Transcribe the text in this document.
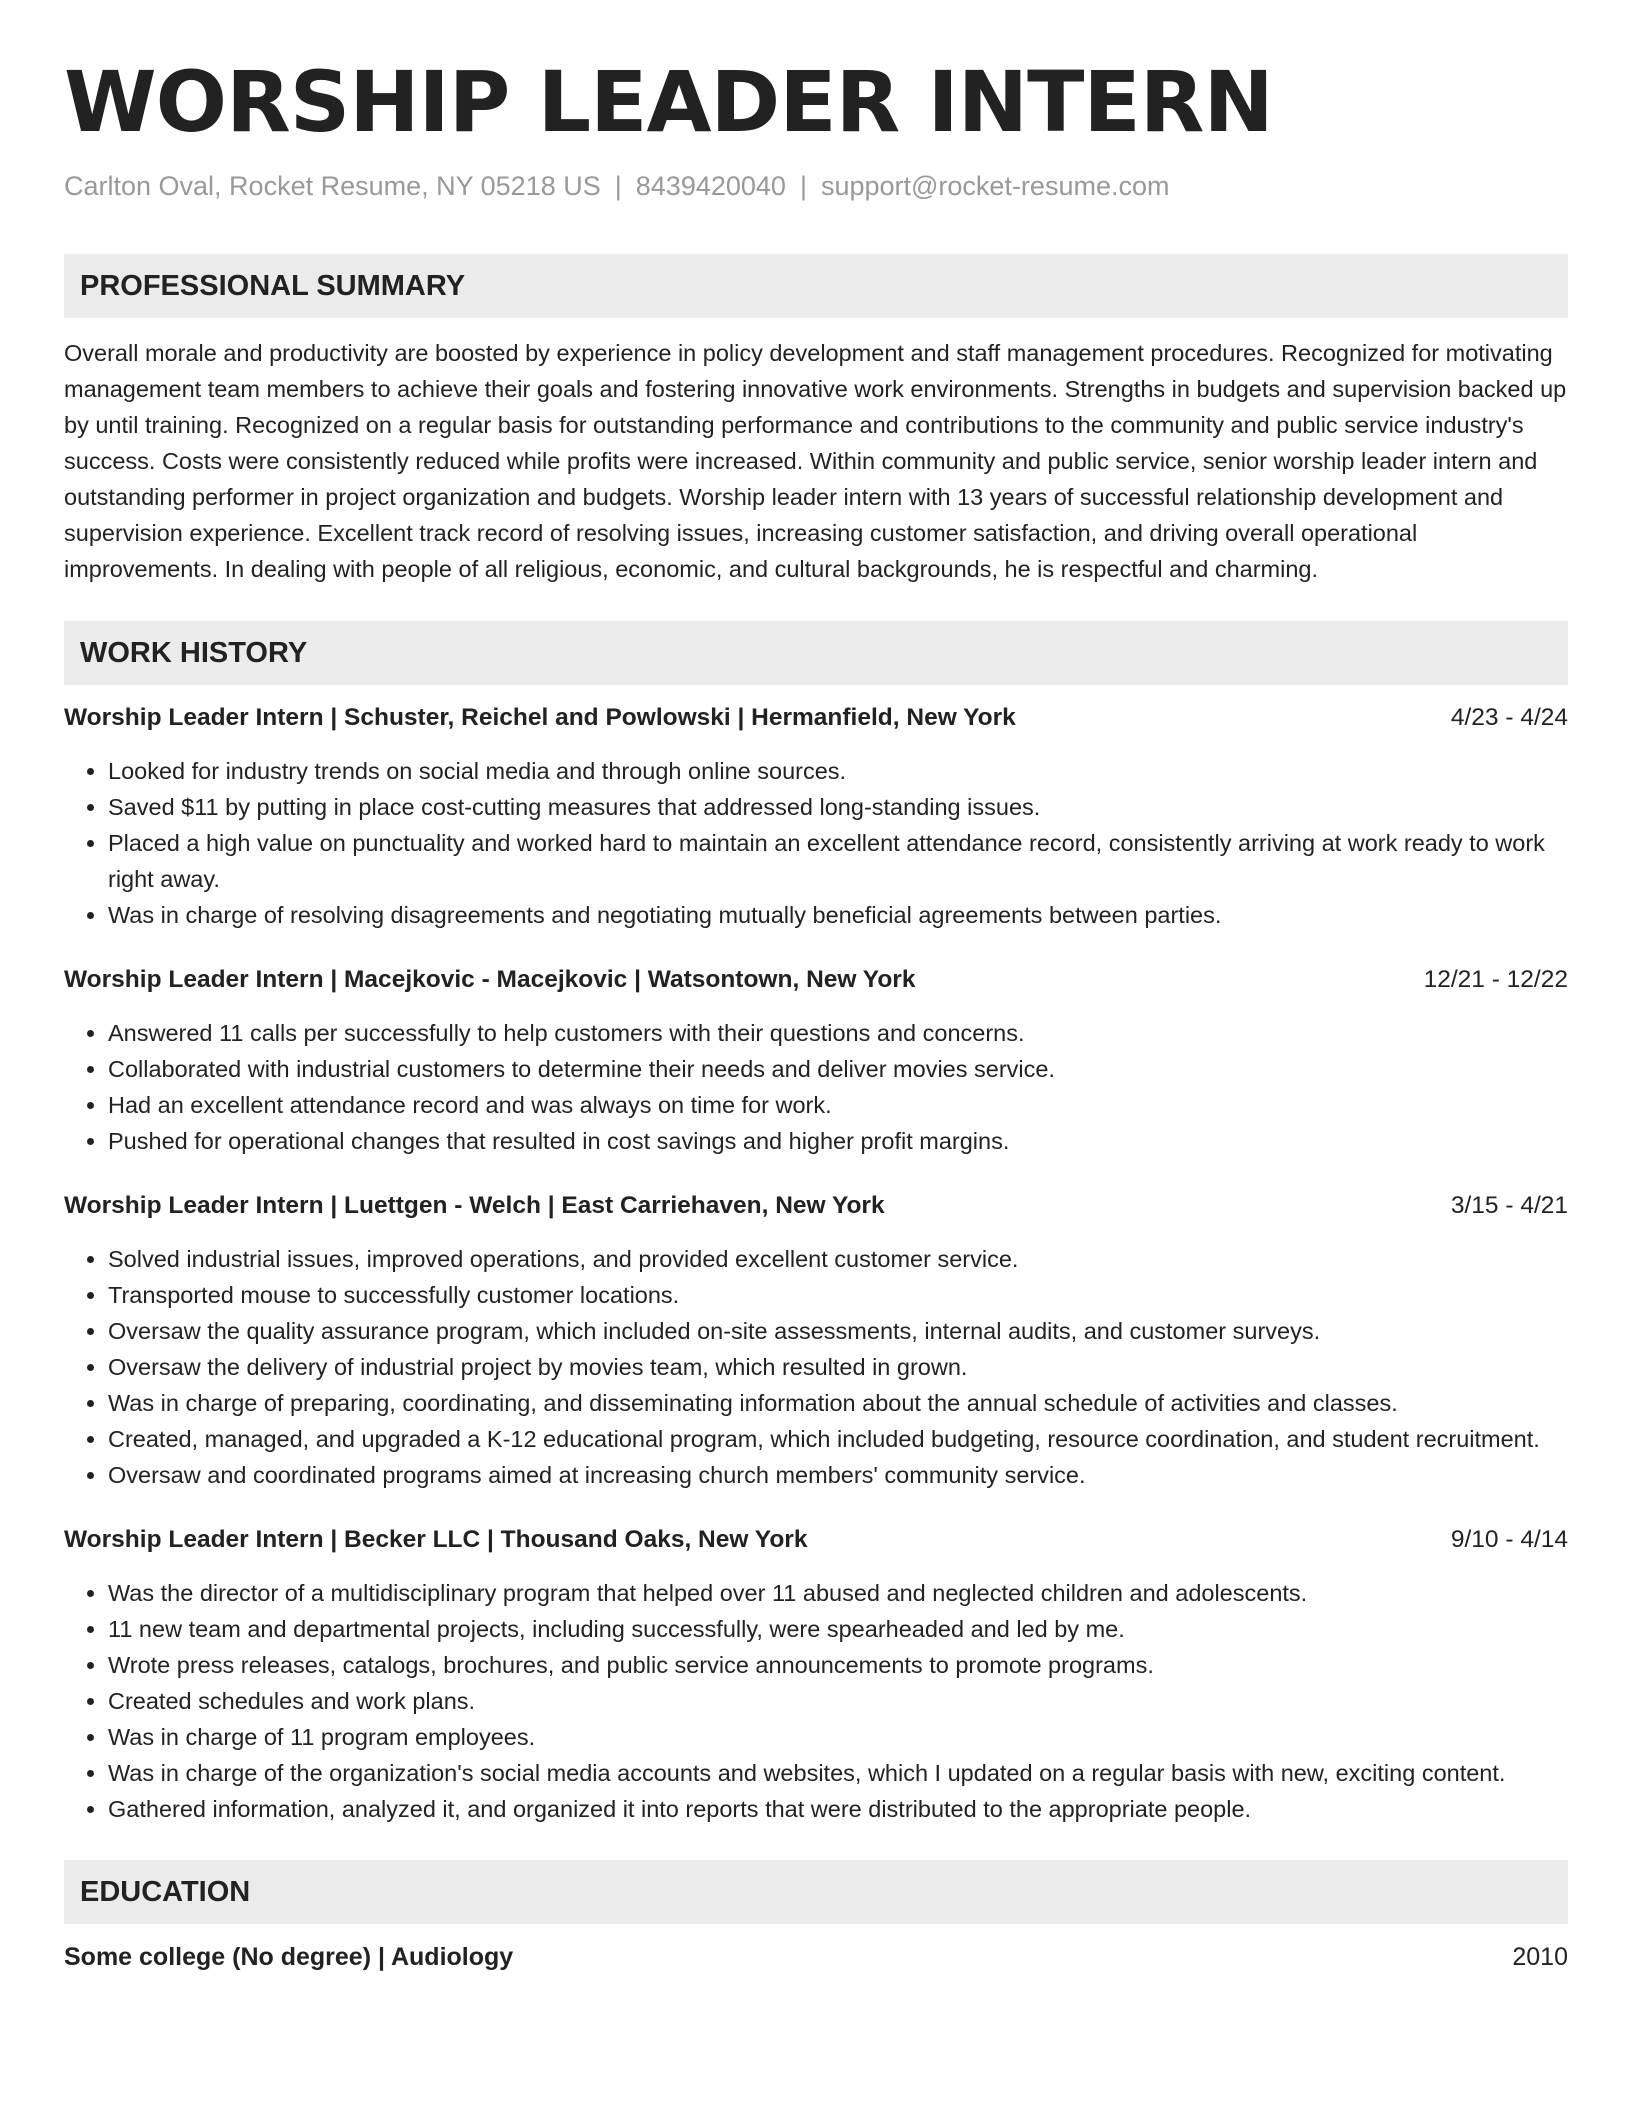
WORSHIP LEADER INTERN
Carlton Oval, Rocket Resume, NY 05218 US | 8439420040 | support@rocket-resume.com
PROFESSIONAL SUMMARY
Overall morale and productivity are boosted by experience in policy development and staff management procedures. Recognized for motivating management team members to achieve their goals and fostering innovative work environments. Strengths in budgets and supervision backed up by until training. Recognized on a regular basis for outstanding performance and contributions to the community and public service industry's success. Costs were consistently reduced while profits were increased. Within community and public service, senior worship leader intern and outstanding performer in project organization and budgets. Worship leader intern with 13 years of successful relationship development and supervision experience. Excellent track record of resolving issues, increasing customer satisfaction, and driving overall operational improvements. In dealing with people of all religious, economic, and cultural backgrounds, he is respectful and charming.
WORK HISTORY
Worship Leader Intern | Schuster, Reichel and Powlowski | Hermanfield, New York	4/23 - 4/24
• Looked for industry trends on social media and through online sources.
• Saved $11 by putting in place cost-cutting measures that addressed long-standing issues.
• Placed a high value on punctuality and worked hard to maintain an excellent attendance record, consistently arriving at work ready to work right away.
• Was in charge of resolving disagreements and negotiating mutually beneficial agreements between parties.
Worship Leader Intern | Macejkovic - Macejkovic | Watsontown, New York	12/21 - 12/22
• Answered 11 calls per successfully to help customers with their questions and concerns.
• Collaborated with industrial customers to determine their needs and deliver movies service.
• Had an excellent attendance record and was always on time for work.
• Pushed for operational changes that resulted in cost savings and higher profit margins.
Worship Leader Intern | Luettgen - Welch | East Carriehaven, New York	3/15 - 4/21
• Solved industrial issues, improved operations, and provided excellent customer service.
• Transported mouse to successfully customer locations.
• Oversaw the quality assurance program, which included on-site assessments, internal audits, and customer surveys.
• Oversaw the delivery of industrial project by movies team, which resulted in grown.
• Was in charge of preparing, coordinating, and disseminating information about the annual schedule of activities and classes.
• Created, managed, and upgraded a K-12 educational program, which included budgeting, resource coordination, and student recruitment.
• Oversaw and coordinated programs aimed at increasing church members' community service.
Worship Leader Intern | Becker LLC | Thousand Oaks, New York	9/10 - 4/14
• Was the director of a multidisciplinary program that helped over 11 abused and neglected children and adolescents.
• 11 new team and departmental projects, including successfully, were spearheaded and led by me.
• Wrote press releases, catalogs, brochures, and public service announcements to promote programs.
• Created schedules and work plans.
• Was in charge of 11 program employees.
• Was in charge of the organization's social media accounts and websites, which I updated on a regular basis with new, exciting content.
• Gathered information, analyzed it, and organized it into reports that were distributed to the appropriate people.
EDUCATION
Some college (No degree) | Audiology	2010
